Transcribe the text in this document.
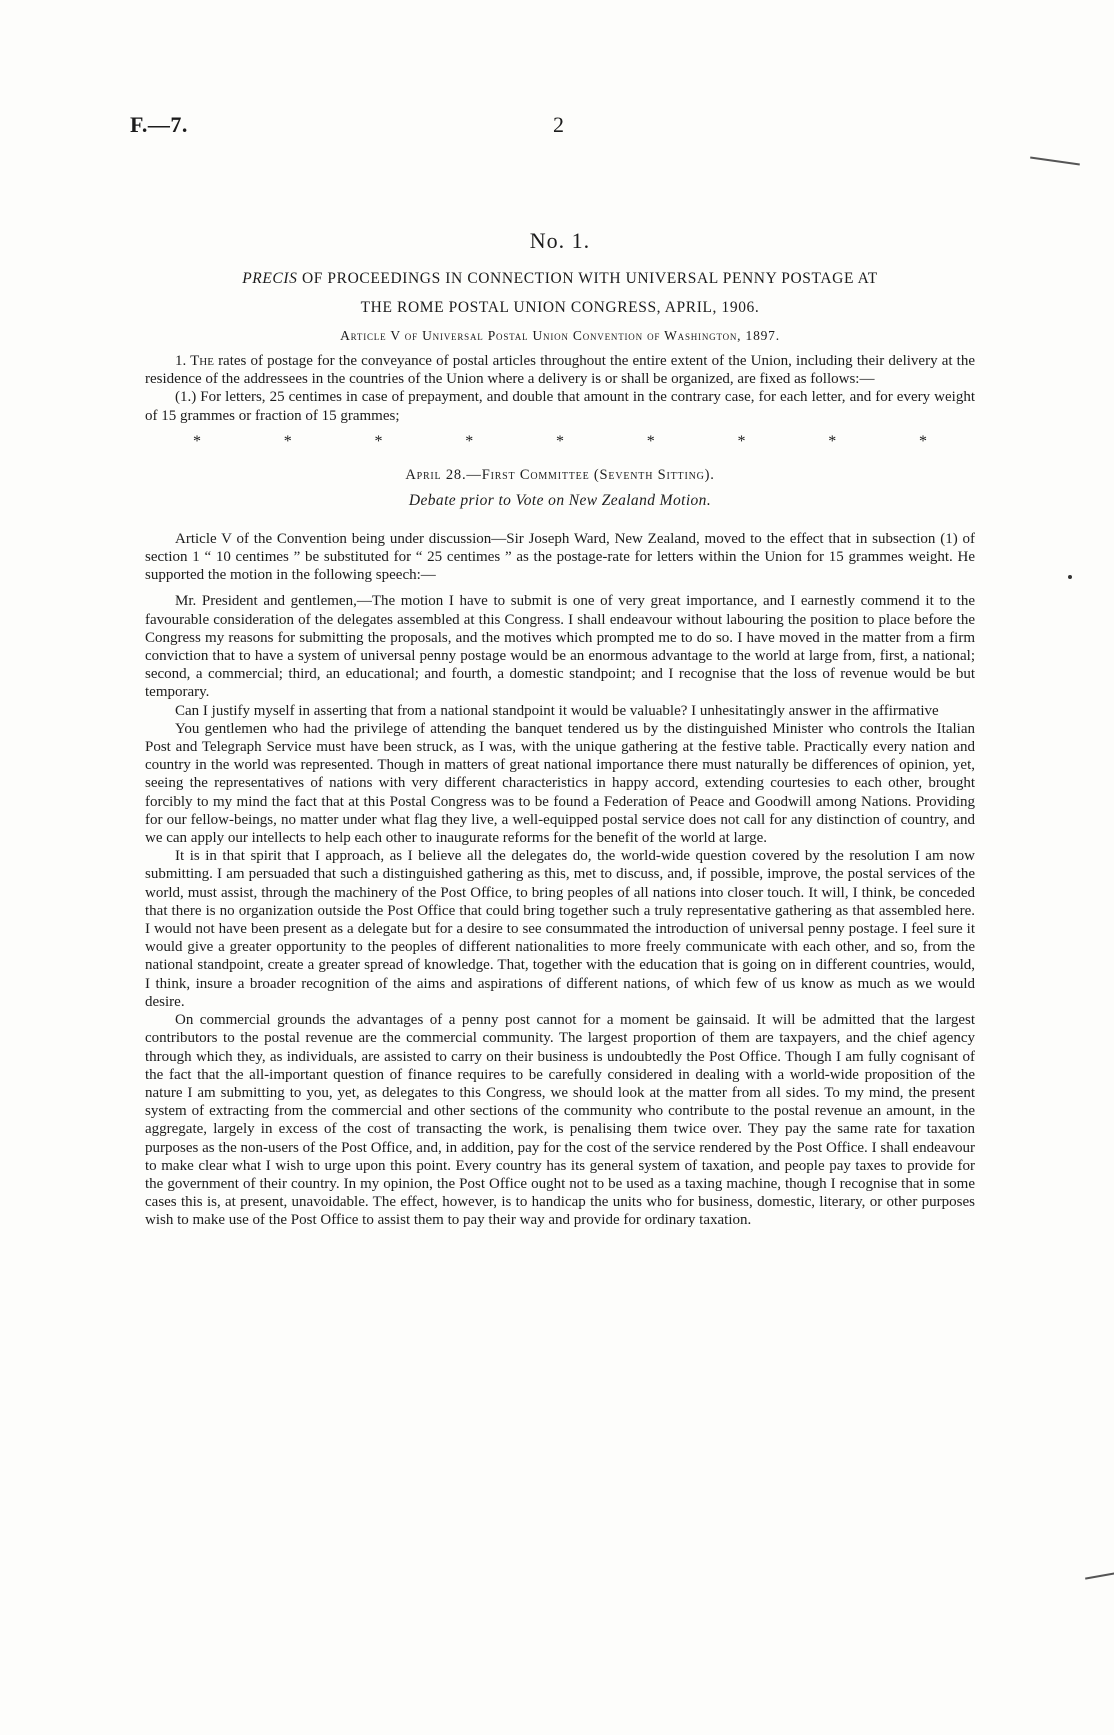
F.—7.	2
No. 1.
PRECIS OF PROCEEDINGS IN CONNECTION WITH UNIVERSAL PENNY POSTAGE AT
THE ROME POSTAL UNION CONGRESS, APRIL, 1906.
Article V of Universal Postal Union Convention of Washington, 1897.

1. The rates of postage for the conveyance of postal articles throughout the entire extent of the Union, including their delivery at the residence of the addressees in the countries of the Union where a delivery is or shall be organized, are fixed as follows:—

(1.) For letters, 25 centimes in case of prepayment, and double that amount in the contrary case, for each letter, and for every weight of 15 grammes or fraction of 15 grammes;

*	*	*	*	*	*	*	*	*
April 28.—First Committee (Seventh Sitting).
Debate prior to Vote on New Zealand Motion.

Article V of the Convention being under discussion—Sir Joseph Ward, New Zealand, moved to the effect that in subsection (1) of section 1 “ 10 centimes ” be substituted for “ 25 centimes ” as the postage-rate for letters within the Union for 15 grammes weight. He supported the motion in the following speech:—

Mr. President and gentlemen,—The motion I have to submit is one of very great importance, and I earnestly commend it to the favourable consideration of the delegates assembled at this Congress. I shall endeavour without labouring the position to place before the Congress my reasons for submitting the proposals, and the motives which prompted me to do so. I have moved in the matter from a firm conviction that to have a system of universal penny postage would be an enormous advantage to the world at large from, first, a national; second, a commercial; third, an educational; and fourth, a domestic standpoint; and I recognise that the loss of revenue would be but temporary.

Can I justify myself in asserting that from a national standpoint it would be valuable? I unhesitatingly answer in the affirmative

You gentlemen who had the privilege of attending the banquet tendered us by the distinguished Minister who controls the Italian Post and Telegraph Service must have been struck, as I was, with the unique gathering at the festive table. Practically every nation and country in the world was represented. Though in matters of great national importance there must naturally be differences of opinion, yet, seeing the representatives of nations with very different characteristics in happy accord, extending courtesies to each other, brought forcibly to my mind the fact that at this Postal Congress was to be found a Federation of Peace and Goodwill among Nations. Providing for our fellow-beings, no matter under what flag they live, a well-equipped postal service does not call for any distinction of country, and we can apply our intellects to help each other to inaugurate reforms for the benefit of the world at large.

It is in that spirit that I approach, as I believe all the delegates do, the world-wide question covered by the resolution I am now submitting. I am persuaded that such a distinguished gathering as this, met to discuss, and, if possible, improve, the postal services of the world, must assist, through the machinery of the Post Office, to bring peoples of all nations into closer touch. It will, I think, be conceded that there is no organization outside the Post Office that could bring together such a truly representative gathering as that assembled here. I would not have been present as a delegate but for a desire to see consummated the introduction of universal penny postage. I feel sure it would give a greater opportunity to the peoples of different nationalities to more freely communicate with each other, and so, from the national standpoint, create a greater spread of knowledge. That, together with the education that is going on in different countries, would, I think, insure a broader recognition of the aims and aspirations of different nations, of which few of us know as much as we would desire.

On commercial grounds the advantages of a penny post cannot for a moment be gainsaid. It will be admitted that the largest contributors to the postal revenue are the commercial community. The largest proportion of them are taxpayers, and the chief agency through which they, as individuals, are assisted to carry on their business is undoubtedly the Post Office. Though I am fully cognisant of the fact that the all-important question of finance requires to be carefully considered in dealing with a world-wide proposition of the nature I am submitting to you, yet, as delegates to this Congress, we should look at the matter from all sides. To my mind, the present system of extracting from the commercial and other sections of the community who contribute to the postal revenue an amount, in the aggregate, largely in excess of the cost of transacting the work, is penalising them twice over. They pay the same rate for taxation purposes as the non-users of the Post Office, and, in addition, pay for the cost of the service rendered by the Post Office. I shall endeavour to make clear what I wish to urge upon this point. Every country has its general system of taxation, and people pay taxes to provide for the government of their country. In my opinion, the Post Office ought not to be used as a taxing machine, though I recognise that in some cases this is, at present, unavoidable. The effect, however, is to handicap the units who for business, domestic, literary, or other purposes wish to make use of the Post Office to assist them to pay their way and provide for ordinary taxation.
